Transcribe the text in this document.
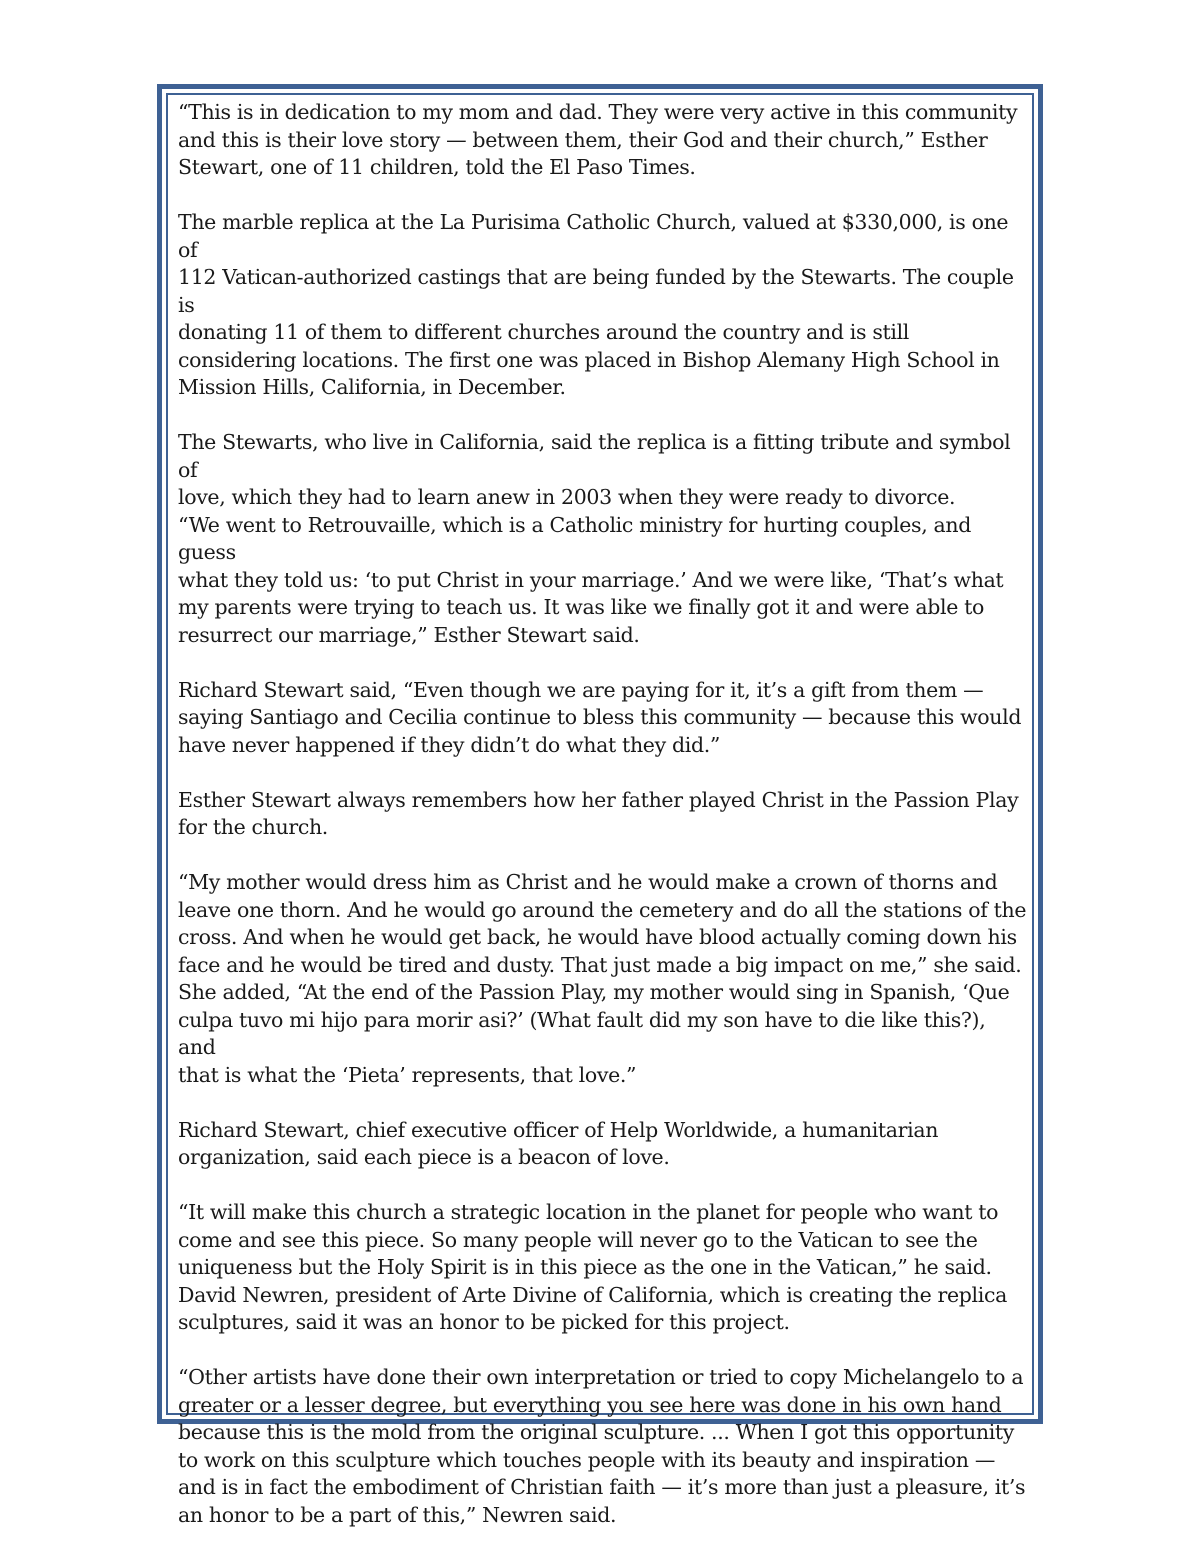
“This is in dedication to my mom and dad. They were very active in this community
and this is their love story — between them, their God and their church,” Esther
Stewart, one of 11 children, told the El Paso Times.

The marble replica at the La Purisima Catholic Church, valued at $330,000, is one of
112 Vatican-authorized castings that are being funded by the Stewarts. The couple is
donating 11 of them to different churches around the country and is still
considering locations. The first one was placed in Bishop Alemany High School in
Mission Hills, California, in December.

The Stewarts, who live in California, said the replica is a fitting tribute and symbol of
love, which they had to learn anew in 2003 when they were ready to divorce.
“We went to Retrouvaille, which is a Catholic ministry for hurting couples, and guess
what they told us: ‘to put Christ in your marriage.’ And we were like, ‘That’s what
my parents were trying to teach us. It was like we finally got it and were able to
resurrect our marriage,” Esther Stewart said.

Richard Stewart said, “Even though we are paying for it, it’s a gift from them —
saying Santiago and Cecilia continue to bless this community — because this would
have never happened if they didn’t do what they did.”

Esther Stewart always remembers how her father played Christ in the Passion Play
for the church.

“My mother would dress him as Christ and he would make a crown of thorns and
leave one thorn. And he would go around the cemetery and do all the stations of the
cross. And when he would get back, he would have blood actually coming down his
face and he would be tired and dusty. That just made a big impact on me,” she said.
She added, “At the end of the Passion Play, my mother would sing in Spanish, ‘Que
culpa tuvo mi hijo para morir asi?’ (What fault did my son have to die like this?), and
that is what the ‘Pieta’ represents, that love.”

Richard Stewart, chief executive officer of Help Worldwide, a humanitarian
organization, said each piece is a beacon of love.

“It will make this church a strategic location in the planet for people who want to
come and see this piece. So many people will never go to the Vatican to see the
uniqueness but the Holy Spirit is in this piece as the one in the Vatican,” he said.
David Newren, president of Arte Divine of California, which is creating the replica
sculptures, said it was an honor to be picked for this project.

“Other artists have done their own interpretation or tried to copy Michelangelo to a
greater or a lesser degree, but everything you see here was done in his own hand
because this is the mold from the original sculpture. ... When I got this opportunity
to work on this sculpture which touches people with its beauty and inspiration —
and is in fact the embodiment of Christian faith — it’s more than just a pleasure, it’s
an honor to be a part of this,” Newren said.
